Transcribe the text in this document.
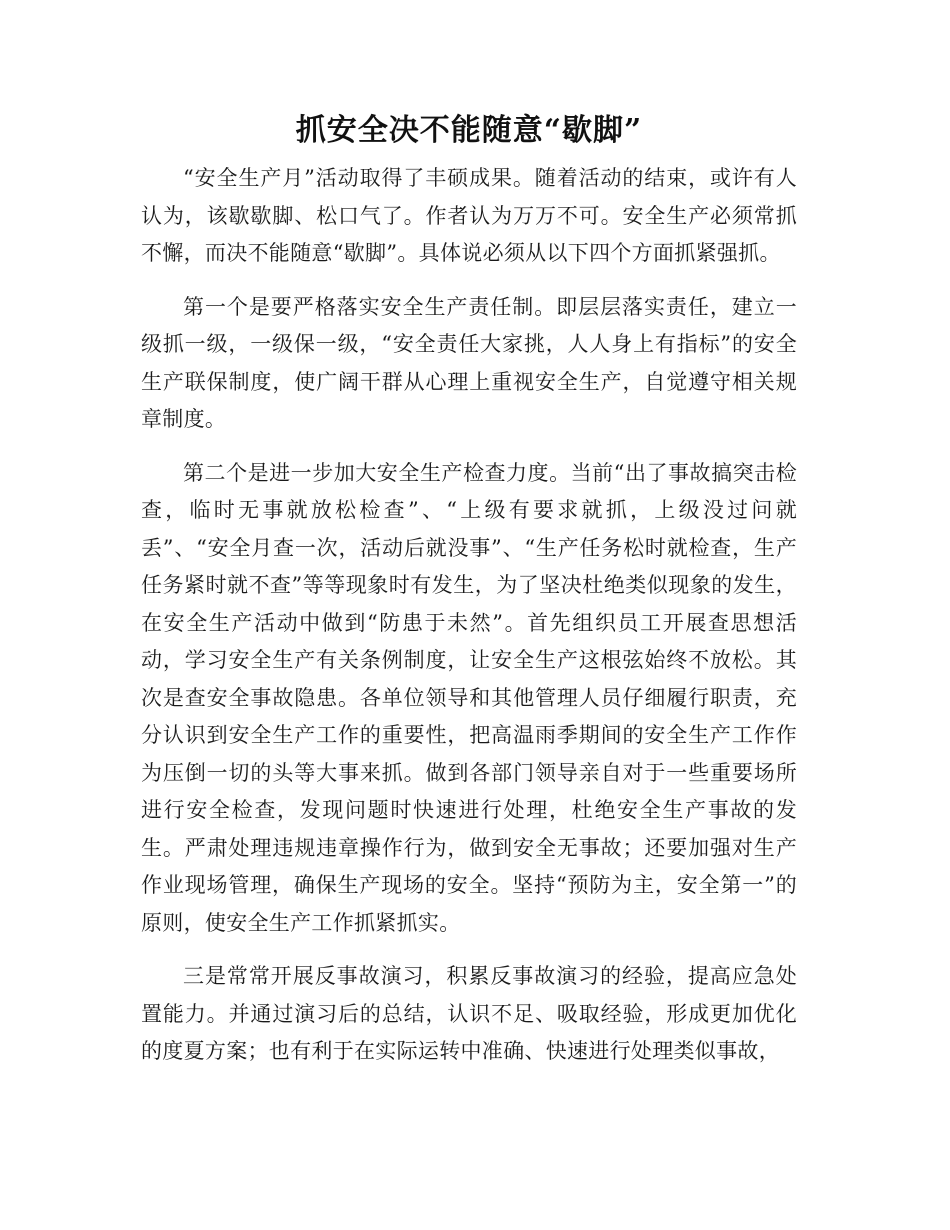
抓安全决不能随意“歇脚”

“安全生产月”活动取得了丰硕成果。随着活动的结束，或许有人认为，该歇歇脚、松口气了。作者认为万万不可。安全生产必须常抓不懈，而决不能随意“歇脚”。具体说必须从以下四个方面抓紧强抓。

第一个是要严格落实安全生产责任制。即层层落实责任，建立一级抓一级，一级保一级，“安全责任大家挑，人人身上有指标”的安全生产联保制度，使广阔干群从心理上重视安全生产，自觉遵守相关规章制度。

第二个是进一步加大安全生产检查力度。当前“出了事故搞突击检查，临时无事就放松检查”、“上级有要求就抓，上级没过问就丢”、“安全月查一次，活动后就没事”、“生产任务松时就检查，生产任务紧时就不查”等等现象时有发生，为了坚决杜绝类似现象的发生，在安全生产活动中做到“防患于未然”。首先组织员工开展查思想活动，学习安全生产有关条例制度，让安全生产这根弦始终不放松。其次是查安全事故隐患。各单位领导和其他管理人员仔细履行职责，充分认识到安全生产工作的重要性，把高温雨季期间的安全生产工作作为压倒一切的头等大事来抓。做到各部门领导亲自对于一些重要场所进行安全检查，发现问题时快速进行处理，杜绝安全生产事故的发生。严肃处理违规违章操作行为，做到安全无事故；还要加强对生产作业现场管理，确保生产现场的安全。坚持“预防为主，安全第一”的原则，使安全生产工作抓紧抓实。

三是常常开展反事故演习，积累反事故演习的经验，提高应急处置能力。并通过演习后的总结，认识不足、吸取经验，形成更加优化的度夏方案；也有利于在实际运转中准确、快速进行处理类似事故，
